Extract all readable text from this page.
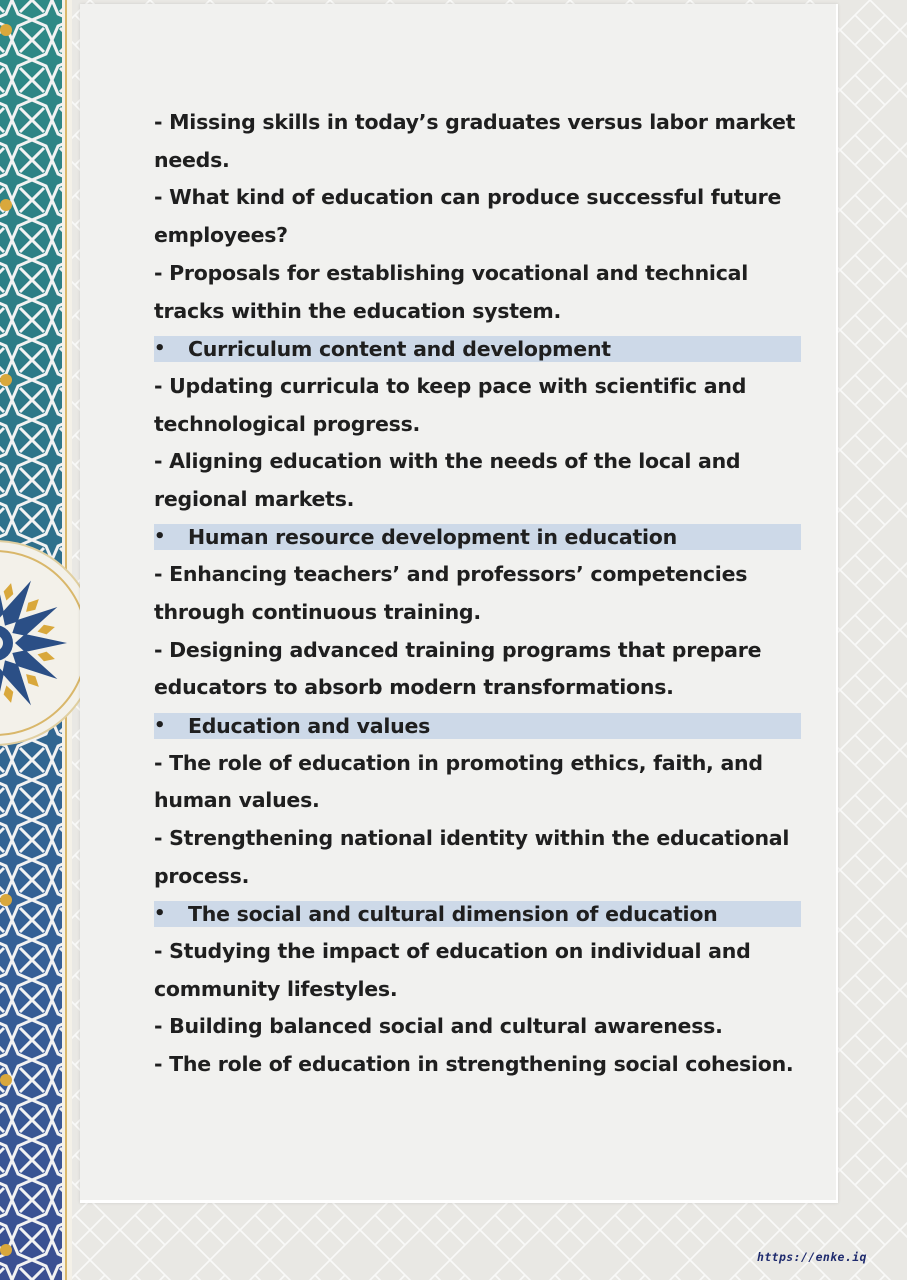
- Missing skills in today’s graduates versus labor market
needs.
- What kind of education can produce successful future
employees?
- Proposals for establishing vocational and technical
tracks within the education system.
• Curriculum content and development
- Updating curricula to keep pace with scientific and
technological progress.
- Aligning education with the needs of the local and
regional markets.
• Human resource development in education
- Enhancing teachers’ and professors’ competencies
through continuous training.
- Designing advanced training programs that prepare
educators to absorb modern transformations.
• Education and values
- The role of education in promoting ethics, faith, and
human values.
- Strengthening national identity within the educational
process.
• The social and cultural dimension of education
- Studying the impact of education on individual and
community lifestyles.
- Building balanced social and cultural awareness.
- The role of education in strengthening social cohesion.
https://enke.iq
